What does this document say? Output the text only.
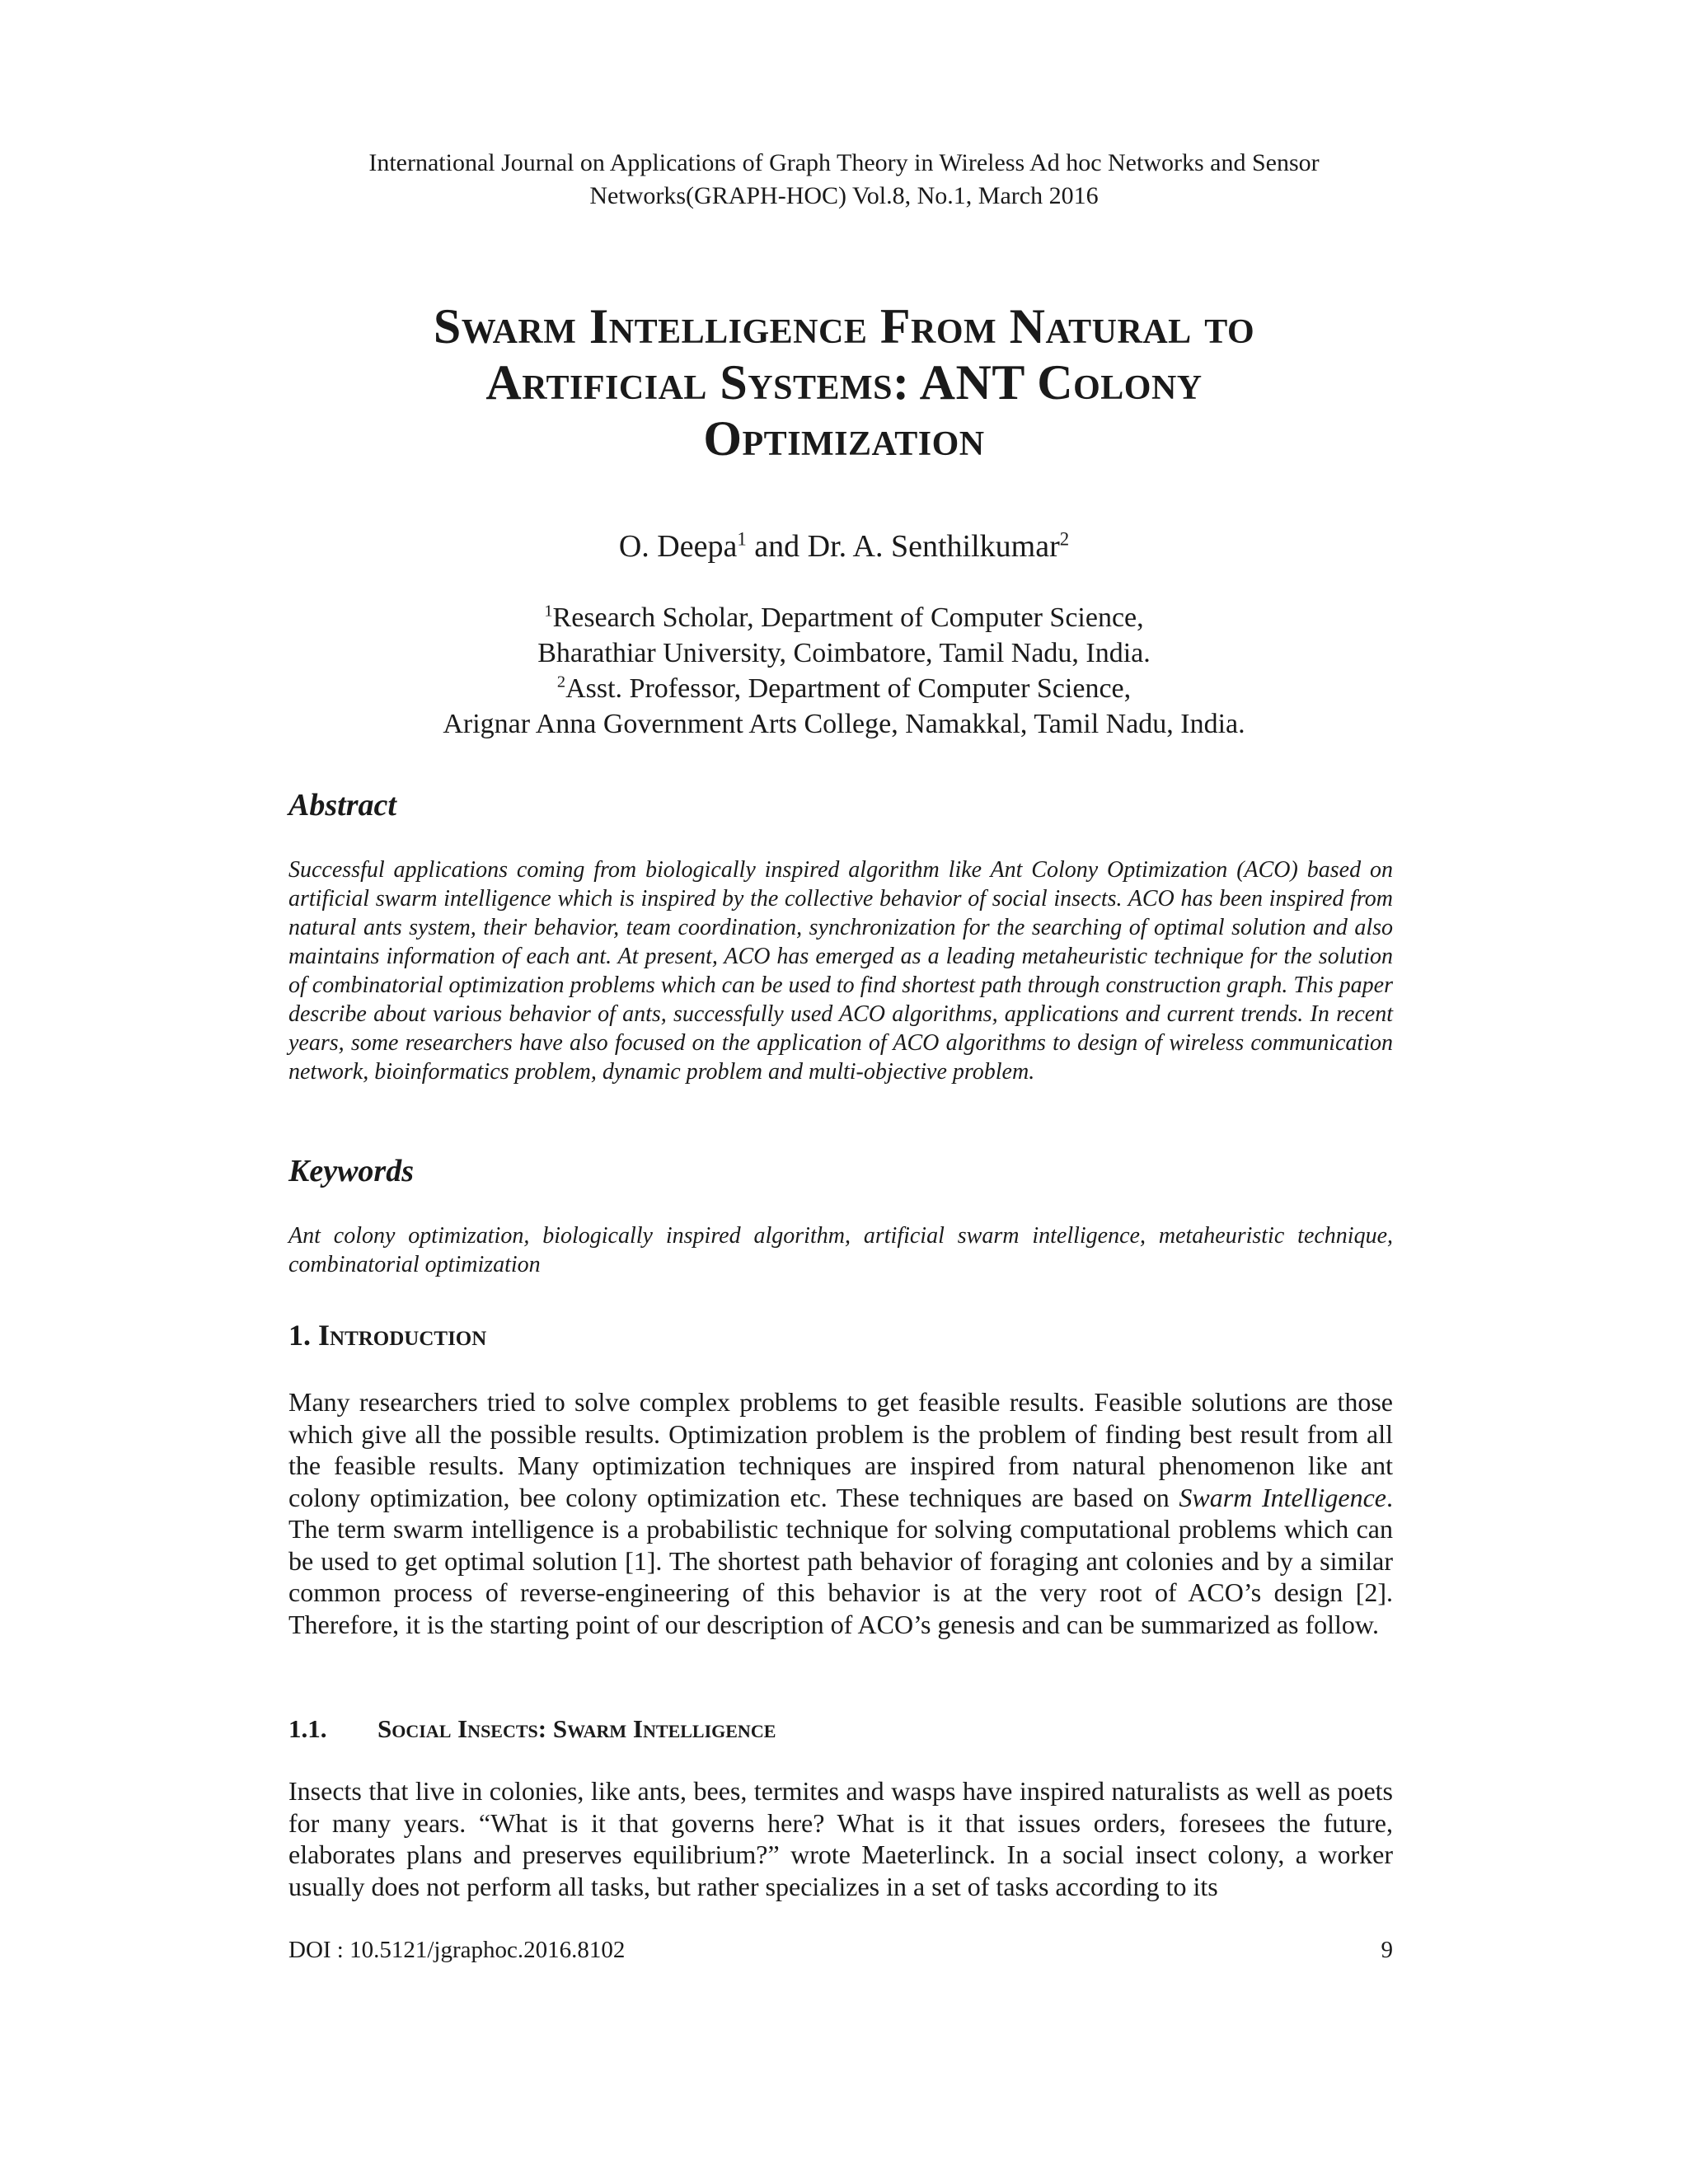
International Journal on Applications of Graph Theory in Wireless Ad hoc Networks and Sensor
Networks(GRAPH-HOC) Vol.8, No.1, March 2016
Swarm Intelligence From Natural to
Artificial Systems: ANT Colony
Optimization
O. Deepa$^1$ and Dr. A. Senthilkumar$^2$
$^1$Research Scholar, Department of Computer Science,
Bharathiar University, Coimbatore, Tamil Nadu, India.
$^2$Asst. Professor, Department of Computer Science,
Arignar Anna Government Arts College, Namakkal, Tamil Nadu, India.
Abstract
Successful applications coming from biologically inspired algorithm like Ant Colony Optimization (ACO) based on artificial swarm intelligence which is inspired by the collective behavior of social insects. ACO has been inspired from natural ants system, their behavior, team coordination, synchronization for the searching of optimal solution and also maintains information of each ant. At present, ACO has emerged as a leading metaheuristic technique for the solution of combinatorial optimization problems which can be used to find shortest path through construction graph. This paper describe about various behavior of ants, successfully used ACO algorithms, applications and current trends. In recent years, some researchers have also focused on the application of ACO algorithms to design of wireless communication network, bioinformatics problem, dynamic problem and multi-objective problem.
Keywords
Ant colony optimization, biologically inspired algorithm, artificial swarm intelligence, metaheuristic technique, combinatorial optimization
1. Introduction
Many researchers tried to solve complex problems to get feasible results. Feasible solutions are those which give all the possible results. Optimization problem is the problem of finding best result from all the feasible results. Many optimization techniques are inspired from natural phenomenon like ant colony optimization, bee colony optimization etc. These techniques are based on Swarm Intelligence. The term swarm intelligence is a probabilistic technique for solving computational problems which can be used to get optimal solution [1]. The shortest path behavior of foraging ant colonies and by a similar common process of reverse-engineering of this behavior is at the very root of ACO’s design [2]. Therefore, it is the starting point of our description of ACO’s genesis and can be summarized as follow.
1.1. Social Insects: Swarm Intelligence
Insects that live in colonies, like ants, bees, termites and wasps have inspired naturalists as well as poets for many years. “What is it that governs here? What is it that issues orders, foresees the future, elaborates plans and preserves equilibrium?” wrote Maeterlinck. In a social insect colony, a worker usually does not perform all tasks, but rather specializes in a set of tasks according to its
DOI : 10.5121/jgraphoc.2016.8102	9
